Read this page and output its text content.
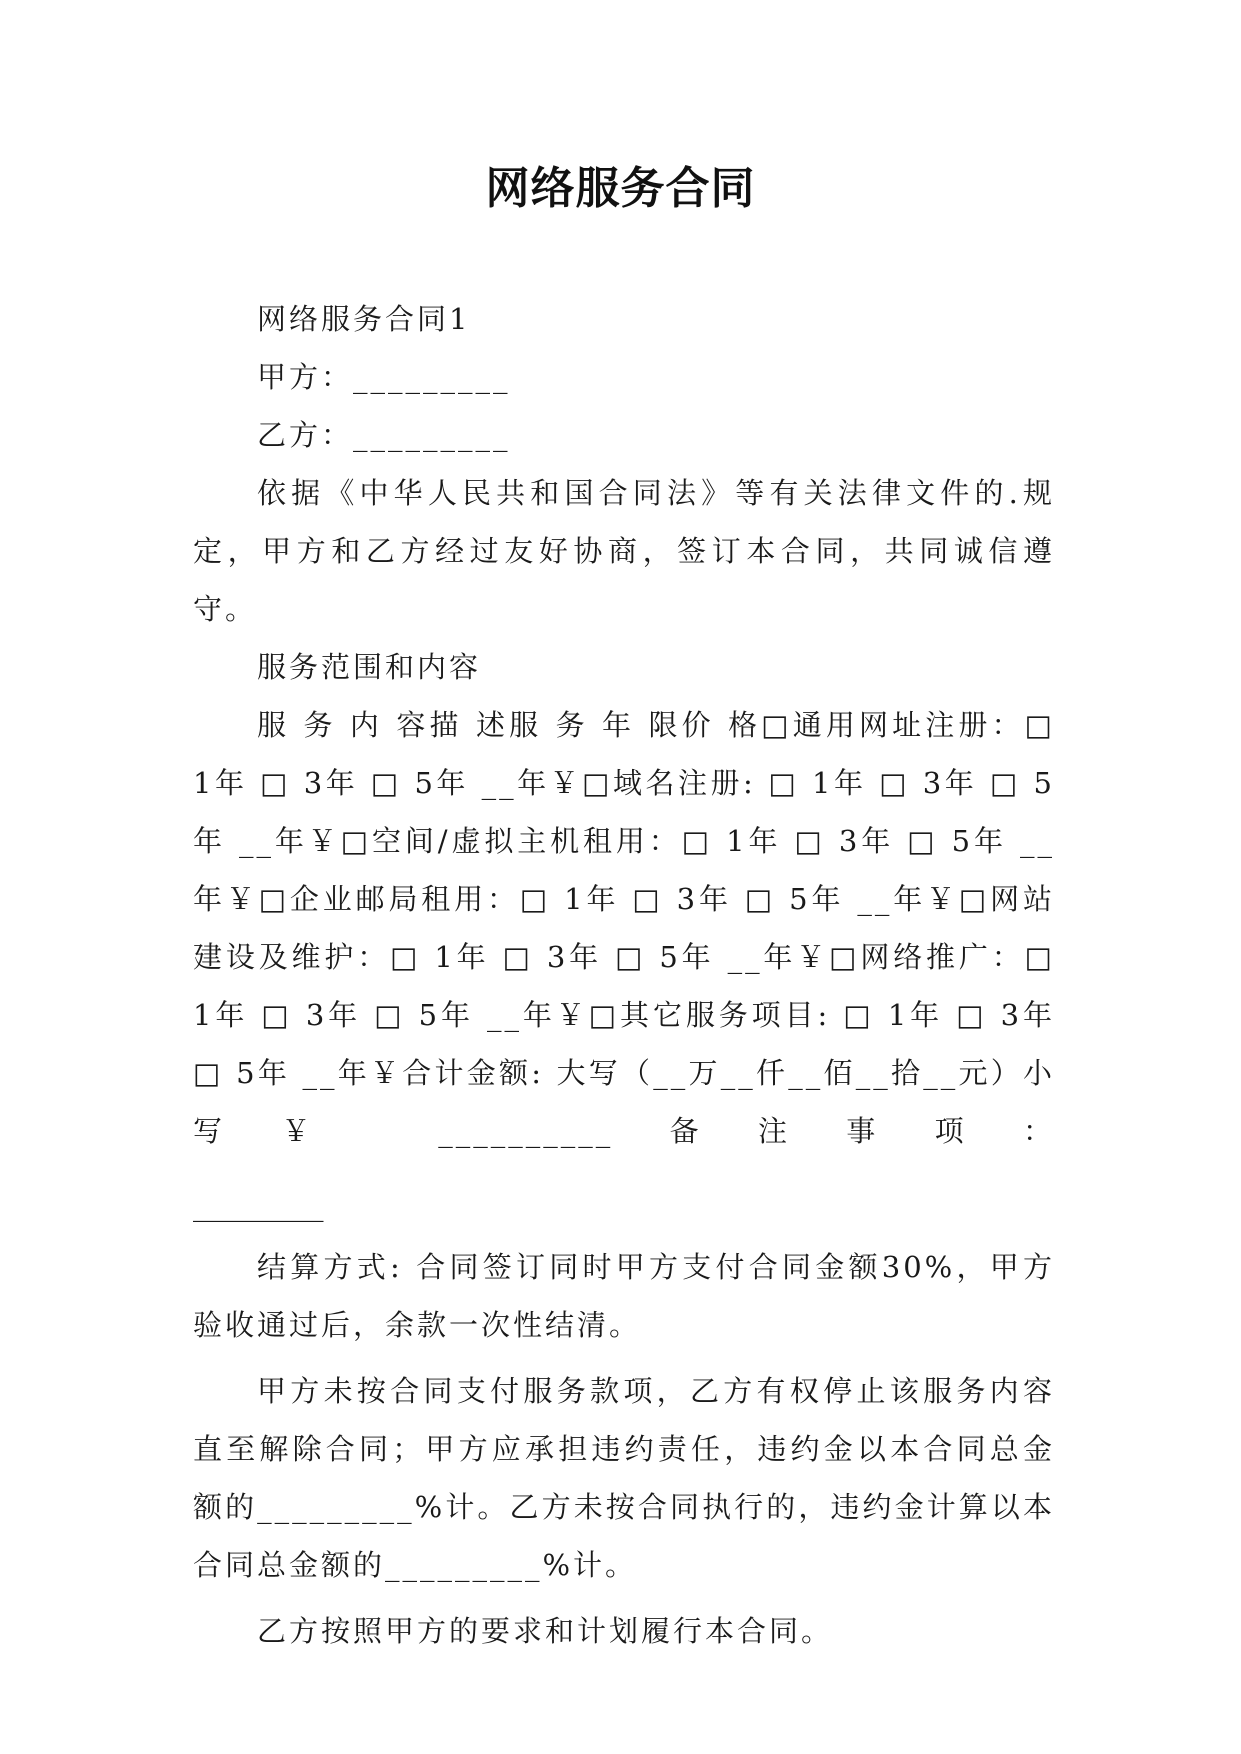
网络服务合同

网络服务合同1

甲方：_________

乙方：_________

依据《中华人民共和国合同法》等有关法律文件的.规定，甲方和乙方经过友好协商，签订本合同，共同诚信遵守。

服务范围和内容

服 务 内 容描 述服 务 年 限价 格□通用网址注册：□ 1年 □ 3年 □ 5年 __年￥□域名注册: □ 1年 □ 3年 □ 5年 __年￥□空间/虚拟主机租用：□ 1年 □ 3年 □ 5年 __年￥□企业邮局租用：□ 1年 □ 3年 □ 5年 __年￥□网站建设及维护：□ 1年 □ 3年 □ 5年 __年￥□网络推广：□ 1年 □ 3年 □ 5年 __年￥□其它服务项目: □ 1年 □ 3年 □ 5年 __年￥合计金额: 大写（__万__仟__佰__拾__元）小写￥ __________备注事项：

_________

结算方式: 合同签订同时甲方支付合同金额30%，甲方验收通过后，余款一次性结清。

甲方未按合同支付服务款项，乙方有权停止该服务内容直至解除合同；甲方应承担违约责任，违约金以本合同总金额的_________%计。乙方未按合同执行的，违约金计算以本合同总金额的_________%计。

乙方按照甲方的要求和计划履行本合同。
